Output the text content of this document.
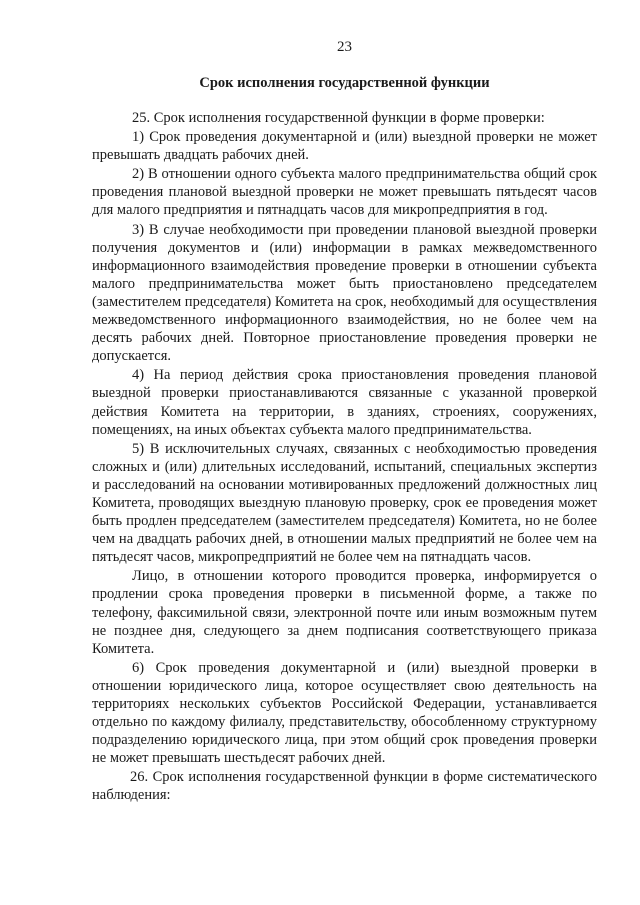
23
Срок исполнения государственной функции

25. Срок исполнения государственной функции в форме проверки:

1) Срок проведения документарной и (или) выездной проверки не может превышать двадцать рабочих дней.

2) В отношении одного субъекта малого предпринимательства общий срок проведения плановой выездной проверки не может превышать пятьдесят часов для малого предприятия и пятнадцать часов для микропредприятия в год.

3) В случае необходимости при проведении плановой выездной проверки получения документов и (или) информации в рамках межведомственного информационного взаимодействия проведение проверки в отношении субъекта малого предпринимательства может быть приостановлено председателем (заместителем председателя) Комитета на срок, необходимый для осуществления межведомственного информационного взаимодействия, но не более чем на десять рабочих дней. Повторное приостановление проведения проверки не допускается.

4) На период действия срока приостановления проведения плановой выездной проверки приостанавливаются связанные с указанной проверкой действия Комитета на территории, в зданиях, строениях, сооружениях, помещениях, на иных объектах субъекта малого предпринимательства.

5) В исключительных случаях, связанных с необходимостью проведения сложных и (или) длительных исследований, испытаний, специальных экспертиз и расследований на основании мотивированных предложений должностных лиц Комитета, проводящих выездную плановую проверку, срок ее проведения может быть продлен председателем (заместителем председателя) Комитета, но не более чем на двадцать рабочих дней, в отношении малых предприятий не более чем на пятьдесят часов, микропредприятий не более чем на пятнадцать часов.

Лицо, в отношении которого проводится проверка, информируется о продлении срока проведения проверки в письменной форме, а также по телефону, факсимильной связи, электронной почте или иным возможным путем не позднее дня, следующего за днем подписания соответствующего приказа Комитета.

6) Срок проведения документарной и (или) выездной проверки в отношении юридического лица, которое осуществляет свою деятельность на территориях нескольких субъектов Российской Федерации, устанавливается отдельно по каждому филиалу, представительству, обособленному структурному подразделению юридического лица, при этом общий срок проведения проверки не может превышать шестьдесят рабочих дней.

26. Срок исполнения государственной функции в форме систематического наблюдения:
